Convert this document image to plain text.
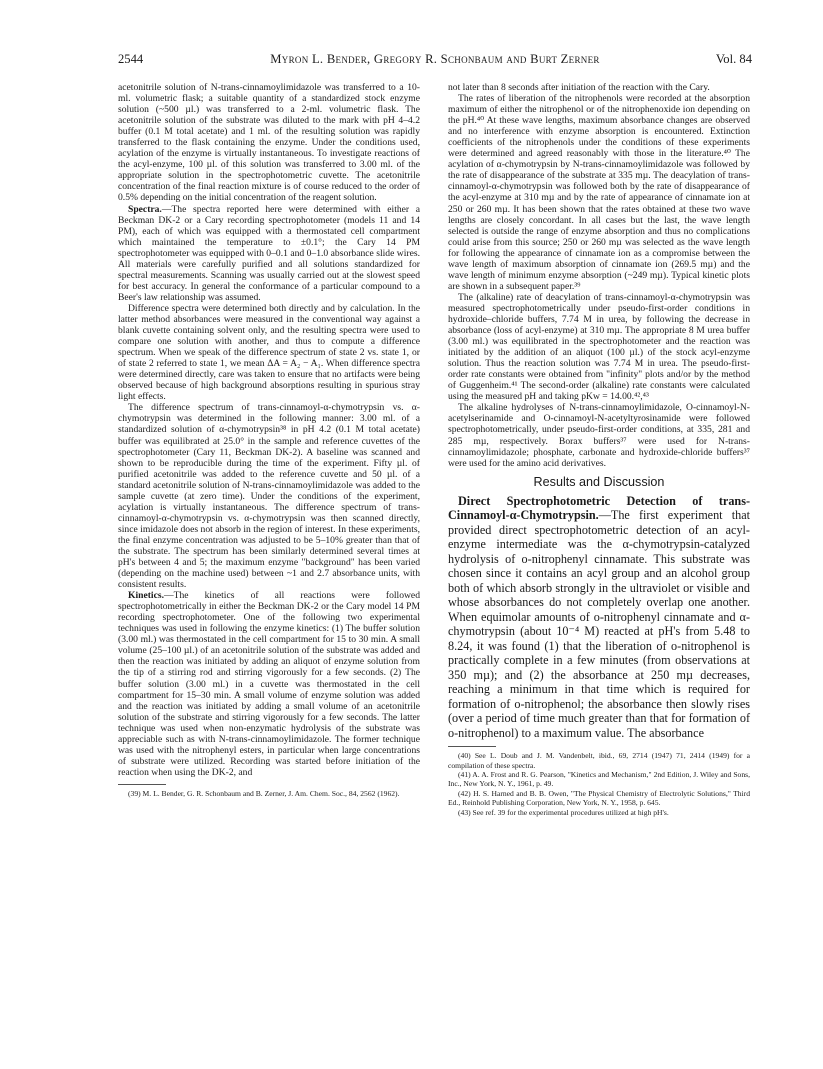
2544	Myron L. Bender, Gregory R. Schonbaum and Burt Zerner	Vol. 84

acetonitrile solution of N-trans-cinnamoylimidazole was transferred to a 10-ml. volumetric flask; a suitable quantity of a standardized stock enzyme solution (~500 µl.) was transferred to a 2-ml. volumetric flask. The acetonitrile solution of the substrate was diluted to the mark with pH 4–4.2 buffer (0.1 M total acetate) and 1 ml. of the resulting solution was rapidly transferred to the flask containing the enzyme. Under the conditions used, acylation of the enzyme is virtually instantaneous. To investigate reactions of the acyl-enzyme, 100 µl. of this solution was transferred to 3.00 ml. of the appropriate solution in the spectrophotometric cuvette. The acetonitrile concentration of the final reaction mixture is of course reduced to the order of 0.5% depending on the initial concentration of the reagent solution.

Spectra.—The spectra reported here were determined with either a Beckman DK-2 or a Cary recording spectrophotometer (models 11 and 14 PM), each of which was equipped with a thermostated cell compartment which maintained the temperature to ±0.1°; the Cary 14 PM spectrophotometer was equipped with 0–0.1 and 0–1.0 absorbance slide wires. All materials were carefully purified and all solutions standardized for spectral measurements. Scanning was usually carried out at the slowest speed for best accuracy. In general the conformance of a particular compound to a Beer's law relationship was assumed.

Difference spectra were determined both directly and by calculation. In the latter method absorbances were measured in the conventional way against a blank cuvette containing solvent only, and the resulting spectra were used to compare one solution with another, and thus to compute a difference spectrum. When we speak of the difference spectrum of state 2 vs. state 1, or of state 2 referred to state 1, we mean ΔA = A₂ − A₁. When difference spectra were determined directly, care was taken to ensure that no artifacts were being observed because of high background absorptions resulting in spurious stray light effects.

The difference spectrum of trans-cinnamoyl-α-chymotrypsin vs. α-chymotrypsin was determined in the following manner: 3.00 ml. of a standardized solution of α-chymotrypsin³⁸ in pH 4.2 (0.1 M total acetate) buffer was equilibrated at 25.0° in the sample and reference cuvettes of the spectrophotometer (Cary 11, Beckman DK-2). A baseline was scanned and shown to be reproducible during the time of the experiment. Fifty µl. of purified acetonitrile was added to the reference cuvette and 50 µl. of a standard acetonitrile solution of N-trans-cinnamoylimidazole was added to the sample cuvette (at zero time). Under the conditions of the experiment, acylation is virtually instantaneous. The difference spectrum of trans-cinnamoyl-α-chymotrypsin vs. α-chymotrypsin was then scanned directly, since imidazole does not absorb in the region of interest. In these experiments, the final enzyme concentration was adjusted to be 5–10% greater than that of the substrate. The spectrum has been similarly determined several times at pH's between 4 and 5; the maximum enzyme "background" has been varied (depending on the machine used) between ~1 and 2.7 absorbance units, with consistent results.

Kinetics.—The kinetics of all reactions were followed spectrophotometrically in either the Beckman DK-2 or the Cary model 14 PM recording spectrophotometer. One of the following two experimental techniques was used in following the enzyme kinetics: (1) The buffer solution (3.00 ml.) was thermostated in the cell compartment for 15 to 30 min. A small volume (25–100 µl.) of an acetonitrile solution of the substrate was added and then the reaction was initiated by adding an aliquot of enzyme solution from the tip of a stirring rod and stirring vigorously for a few seconds. (2) The buffer solution (3.00 ml.) in a cuvette was thermostated in the cell compartment for 15–30 min. A small volume of enzyme solution was added and the reaction was initiated by adding a small volume of an acetonitrile solution of the substrate and stirring vigorously for a few seconds. The latter technique was used when non-enzymatic hydrolysis of the substrate was appreciable such as with N-trans-cinnamoylimidazole. The former technique was used with the nitrophenyl esters, in particular when large concentrations of substrate were utilized. Recording was started before initiation of the reaction when using the DK-2, and

(39) M. L. Bender, G. R. Schonbaum and B. Zerner, J. Am. Chem. Soc., 84, 2562 (1962).

not later than 8 seconds after initiation of the reaction with the Cary.

The rates of liberation of the nitrophenols were recorded at the absorption maximum of either the nitrophenol or of the nitrophenoxide ion depending on the pH.⁴⁰ At these wave lengths, maximum absorbance changes are observed and no interference with enzyme absorption is encountered. Extinction coefficients of the nitrophenols under the conditions of these experiments were determined and agreed reasonably with those in the literature.⁴⁰ The acylation of α-chymotrypsin by N-trans-cinnamoylimidazole was followed by the rate of disappearance of the substrate at 335 mµ. The deacylation of trans-cinnamoyl-α-chymotrypsin was followed both by the rate of disappearance of the acyl-enzyme at 310 mµ and by the rate of appearance of cinnamate ion at 250 or 260 mµ. It has been shown that the rates obtained at these two wave lengths are closely concordant. In all cases but the last, the wave length selected is outside the range of enzyme absorption and thus no complications could arise from this source; 250 or 260 mµ was selected as the wave length for following the appearance of cinnamate ion as a compromise between the wave length of maximum absorption of cinnamate ion (269.5 mµ) and the wave length of minimum enzyme absorption (~249 mµ). Typical kinetic plots are shown in a subsequent paper.³⁹

The (alkaline) rate of deacylation of trans-cinnamoyl-α-chymotrypsin was measured spectrophotometrically under pseudo-first-order conditions in hydroxide–chloride buffers, 7.74 M in urea, by following the decrease in absorbance (loss of acyl-enzyme) at 310 mµ. The appropriate 8 M urea buffer (3.00 ml.) was equilibrated in the spectrophotometer and the reaction was initiated by the addition of an aliquot (100 µl.) of the stock acyl-enzyme solution. Thus the reaction solution was 7.74 M in urea. The pseudo-first-order rate constants were obtained from "infinity" plots and/or by the method of Guggenheim.⁴¹ The second-order (alkaline) rate constants were calculated using the measured pH and taking pKw = 14.00.⁴²,⁴³

The alkaline hydrolyses of N-trans-cinnamoylimidazole, O-cinnamoyl-N-acetylserinamide and O-cinnamoyl-N-acetyltyrosinamide were followed spectrophotometrically, under pseudo-first-order conditions, at 335, 281 and 285 mµ, respectively. Borax buffers³⁷ were used for N-trans-cinnamoylimidazole; phosphate, carbonate and hydroxide-chloride buffers³⁷ were used for the amino acid derivatives.

Results and Discussion

Direct Spectrophotometric Detection of trans-Cinnamoyl-α-Chymotrypsin.—The first experiment that provided direct spectrophotometric detection of an acyl-enzyme intermediate was the α-chymotrypsin-catalyzed hydrolysis of o-nitrophenyl cinnamate. This substrate was chosen since it contains an acyl group and an alcohol group both of which absorb strongly in the ultraviolet or visible and whose absorbances do not completely overlap one another. When equimolar amounts of o-nitrophenyl cinnamate and α-chymotrypsin (about 10⁻⁴ M) reacted at pH's from 5.48 to 8.24, it was found (1) that the liberation of o-nitrophenol is practically complete in a few minutes (from observations at 350 mµ); and (2) the absorbance at 250 mµ decreases, reaching a minimum in that time which is required for formation of o-nitrophenol; the absorbance then slowly rises (over a period of time much greater than that for formation of o-nitrophenol) to a maximum value. The absorbance

(40) See L. Doub and J. M. Vandenbelt, ibid., 69, 2714 (1947) 71, 2414 (1949) for a compilation of these spectra.

(41) A. A. Frost and R. G. Pearson, "Kinetics and Mechanism," 2nd Edition, J. Wiley and Sons, Inc., New York, N. Y., 1961, p. 49.

(42) H. S. Harned and B. B. Owen, "The Physical Chemistry of Electrolytic Solutions," Third Ed., Reinhold Publishing Corporation, New York, N. Y., 1958, p. 645.

(43) See ref. 39 for the experimental procedures utilized at high pH's.
